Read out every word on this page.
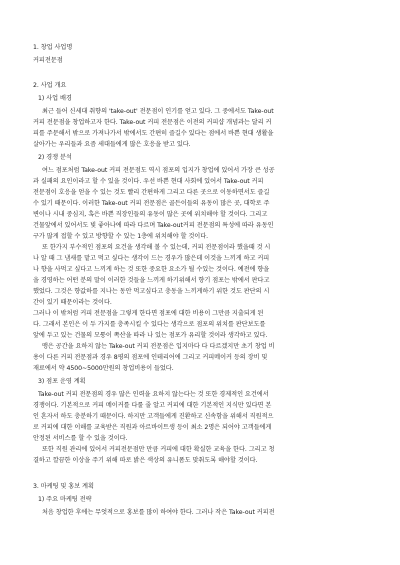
1. 창업 사업명
커피전문점
2. 사업 개요
1) 사업 배경
최근 들어 신세대 취향의 'take-out' 전문점이 인기를 얻고 있다. 그 중에서도 Take-out
커피 전문점을 창업하고자 한다. Take-out 커피 전문점은 이전의 커피샵 개념과는 달리 커
피를 주문해서 밖으로 가져나가서 밖에서도 간편히 즐길수 있다는 점에서 바쁜 현대 생활을
살아가는 우리들과 요즘 세대들에게 많은 호응을 받고 있다.
2) 경쟁 분석
여느 점포처럼 Take-out 커피 전문점도 역시 점포의 입지가 창업에 있어서 가장 큰 성공
과 실패의 요인이라고 할 수 있을 것이다. 우선 바쁜 현대 사회에 있어서 Take-out 커피
전문점이 호응을 얻을 수 있는 것도 빨리 간편하게 그리고 다른 곳으로 이동하면서도 즐길
수 있기 때문이다. 이러한 Take-out 커피 전문점은 골든이들의 유동이 많은 곳, 대학로 주
변이나 시내 중심지, 혹은 바쁜 직장인들의 유동이 많은 곳에 위치해야 할 것이다. 그리고
건물앞에서 있어서도 빛 좋아나에 따라 다르며 Take-out커피 전문점의 특성에 따라 유동인
구가 많게 접할 수 있고 방향할 수 있는 1층에 위치해야 할 것이다.
또 한가지 부수적인 점포의 요건을 생각해 볼 수 있는데, 커피 전문점이라 했을때 것 시
나 알 때 그 냄새를 맡고 먹고 싶다는 생각이 드는 경우가 많은데 이것을 느끼게 하고 커피
나 향을 사먹고 싶다고 느끼게 하는 것 또한 중요한 요소가 될 수있는 것이다. 예전에 향을
을 경영하는 어떤 분의 말이 이러한 것들을 느끼게 하기위해서 향기 점포는 밖에서 판다고
했었다. 그것은 향값하를 지나는 동안 먹고싶다고 충동을 느끼게하기 위한 것도 판단의 시
간이 있기 때문이라는 것이다.
그러나 이 밖처럼 커피 전문점을 그렇게 한다면 점포에 대한 비용이 그만큼 지출되게 된
다. 그래서 본인은 이 두 가지를 충족시킬 수 있다는 생각으로 점포의 위치를 판단보도를
앞에 두고 있는 건물의 모퉁이 쪽산을 따라 나 있는 점포가 유리할 것이라 생각하고 있다.
맹은 공간을 요하지 않는 Take-out 커피 전문점은 입지마다 다 다르겠지만 초기 창업 비
용이 다른 커피 전문점과 경우 8평의 점포에 인테리어에 그리고 커피메이커 등의 장비 및
재료에서 약 4500~5000만원의 창업비용이 들었다.
3) 점포 운영 계획
Take-out 커피 전문점의 경우 많은 인력을 요하지 않는다는 것 또한 경제적인 요건에서
경쟁이다. 기본적으로 커피 메이커를 다룰 줄 알고 커피에 대한 기본적인 지식만 있다면 본
인 혼자서 하도 충분하기 때문이다. 하지만 고객들에게 진환하고 신속함을 위해서 직원적으
로 커피에 대한 이해를 교육받은 직원과 아르바이트생 등이 최소 2명은 되어야 고객들에게
안정된 서비스를 할 수 있을 것이다.
또한 직원 관리에 있어서 커피전문점만 만큼 커피에 대한 확실한 교육을 한다. 그리고 청
결하고 깔끔한 이상을 주기 위해 따로 밝은 색상의 유니폼도 맞춰도록 해야할 것이다.
3. 마케팅 및 홍보 계획
1) 주요 마케팅 전략
처음 창업한 후에는 무엇적으로 홍보를 많이 하여야 한다. 그러나 작은 Take-out 커피전
